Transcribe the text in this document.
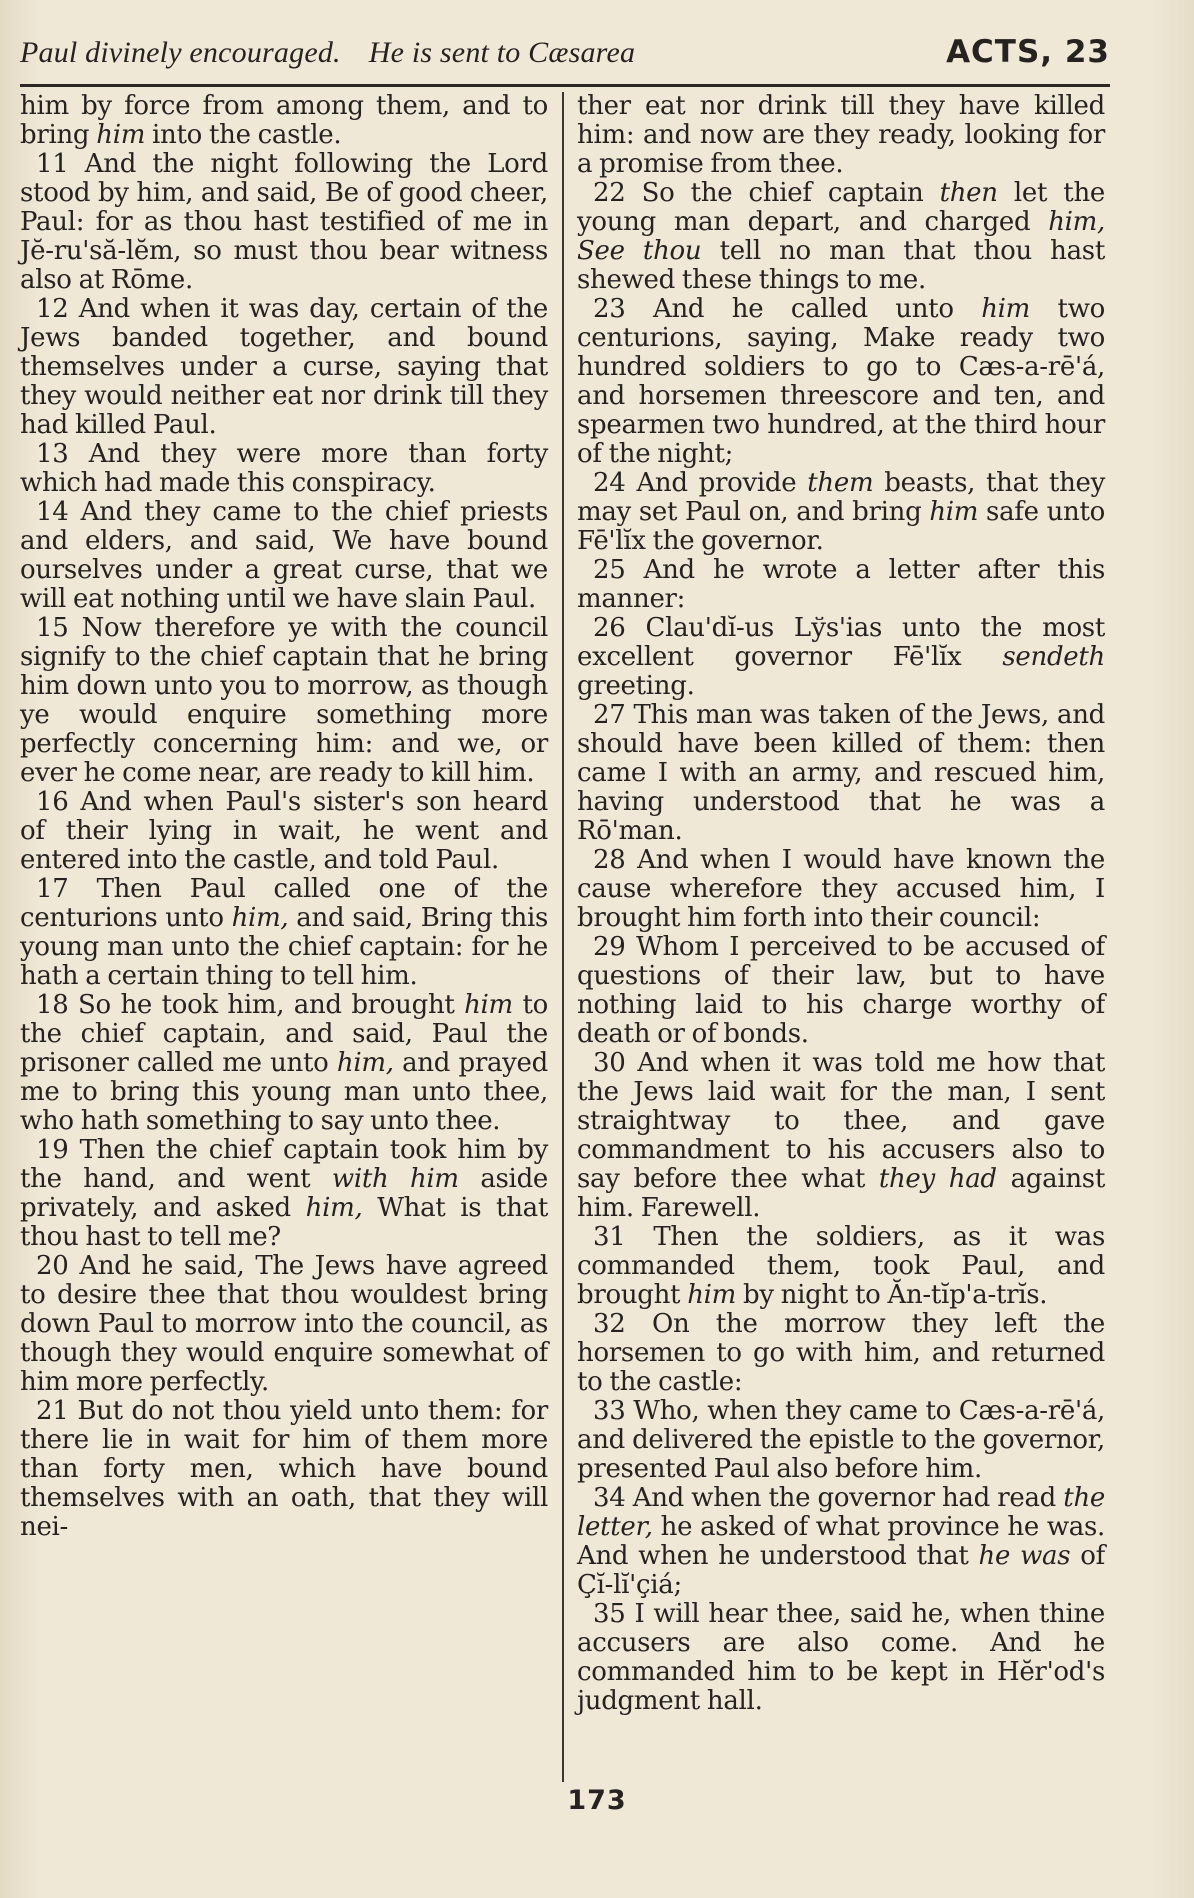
Paul divinely encouraged. He is sent to Cæsarea	ACTS, 23

him by force from among them, and to bring him into the castle.

11 And the night following the Lord stood by him, and said, Be of good cheer, Paul: for as thou hast testified of me in Jĕ-ru'să-lĕm, so must thou bear witness also at Rōme.

12 And when it was day, certain of the Jews banded together, and bound themselves under a curse, saying that they would neither eat nor drink till they had killed Paul.

13 And they were more than forty which had made this conspiracy.

14 And they came to the chief priests and elders, and said, We have bound ourselves under a great curse, that we will eat nothing until we have slain Paul.

15 Now therefore ye with the council signify to the chief captain that he bring him down unto you to morrow, as though ye would enquire something more perfectly concerning him: and we, or ever he come near, are ready to kill him.

16 And when Paul's sister's son heard of their lying in wait, he went and entered into the castle, and told Paul.

17 Then Paul called one of the centurions unto him, and said, Bring this young man unto the chief captain: for he hath a certain thing to tell him.

18 So he took him, and brought him to the chief captain, and said, Paul the prisoner called me unto him, and prayed me to bring this young man unto thee, who hath something to say unto thee.

19 Then the chief captain took him by the hand, and went with him aside privately, and asked him, What is that thou hast to tell me?

20 And he said, The Jews have agreed to desire thee that thou wouldest bring down Paul to morrow into the council, as though they would enquire somewhat of him more perfectly.

21 But do not thou yield unto them: for there lie in wait for him of them more than forty men, which have bound themselves with an oath, that they will nei-

ther eat nor drink till they have killed him: and now are they ready, looking for a promise from thee.

22 So the chief captain then let the young man depart, and charged him, See thou tell no man that thou hast shewed these things to me.

23 And he called unto him two centurions, saying, Make ready two hundred soldiers to go to Cæs-a-rē'á, and horsemen threescore and ten, and spearmen two hundred, at the third hour of the night;

24 And provide them beasts, that they may set Paul on, and bring him safe unto Fē'lĭx the governor.

25 And he wrote a letter after this manner:

26 Clau'dĭ-us Lўs'ias unto the most excellent governor Fē'lĭx sendeth greeting.

27 This man was taken of the Jews, and should have been killed of them: then came I with an army, and rescued him, having understood that he was a Rō'man.

28 And when I would have known the cause wherefore they accused him, I brought him forth into their council:

29 Whom I perceived to be accused of questions of their law, but to have nothing laid to his charge worthy of death or of bonds.

30 And when it was told me how that the Jews laid wait for the man, I sent straightway to thee, and gave commandment to his accusers also to say before thee what they had against him. Farewell.

31 Then the soldiers, as it was commanded them, took Paul, and brought him by night to Ăn-tĭp'a-trĭs.

32 On the morrow they left the horsemen to go with him, and returned to the castle:

33 Who, when they came to Cæs-a-rē'á, and delivered the epistle to the governor, presented Paul also before him.

34 And when the governor had read the letter, he asked of what province he was. And when he understood that he was of Çĭ-lĭ'çiá;

35 I will hear thee, said he, when thine accusers are also come. And he commanded him to be kept in Hĕr'od's judgment hall.

173
